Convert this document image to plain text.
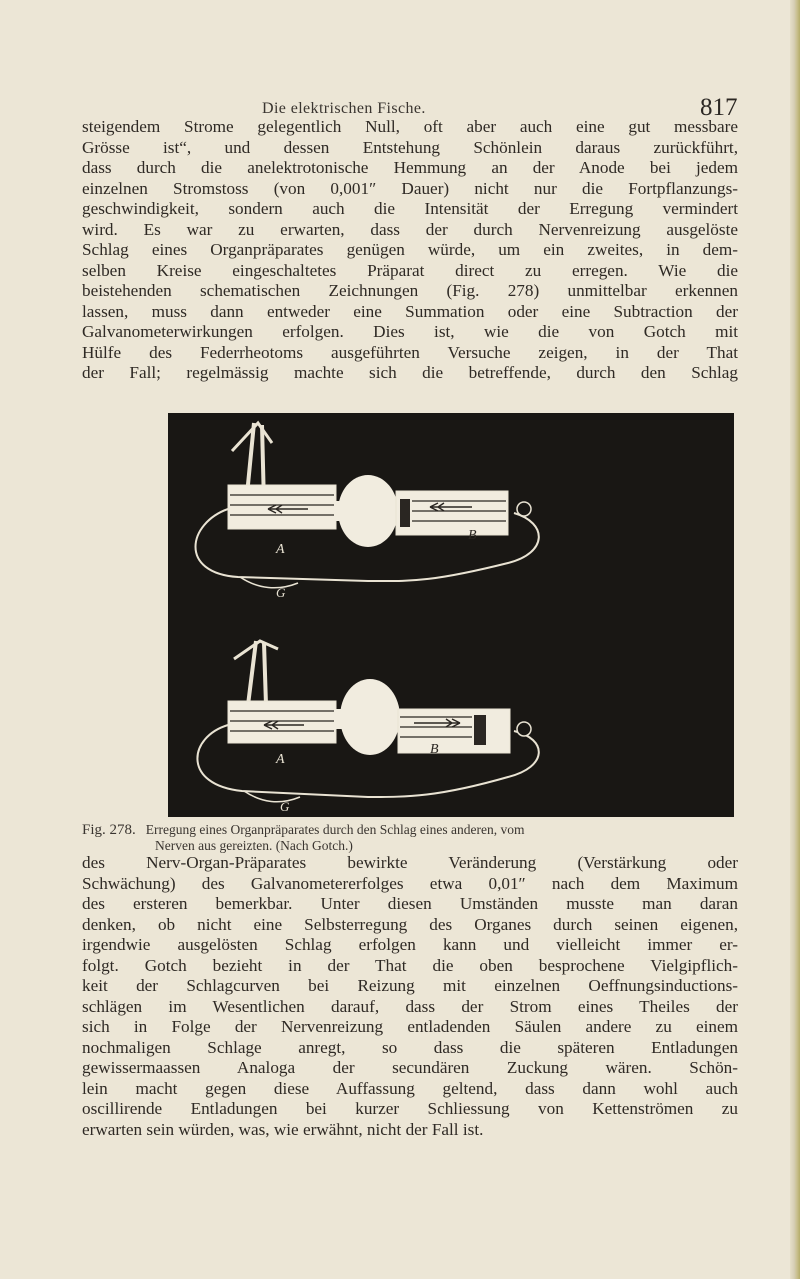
Die elektrischen Fische.	817

steigendem Strome gelegentlich Null, oft aber auch eine gut messbare
Grösse ist“, und dessen Entstehung Schönlein daraus zurückführt,
dass durch die anelektrotonische Hemmung an der Anode bei jedem
einzelnen Stromstoss (von 0,001″ Dauer) nicht nur die Fortpflanzungs-
geschwindigkeit, sondern auch die Intensität der Erregung vermindert
wird. Es war zu erwarten, dass der durch Nervenreizung ausgelöste
Schlag eines Organpräparates genügen würde, um ein zweites, in dem-
selben Kreise eingeschaltetes Präparat direct zu erregen. Wie die
beistehenden schematischen Zeichnungen (Fig. 278) unmittelbar erkennen
lassen, muss dann entweder eine Summation oder eine Subtraction der
Galvanometerwirkungen erfolgen. Dies ist, wie die von Gotch mit
Hülfe des Federrheotoms ausgeführten Versuche zeigen, in der That
der Fall; regelmässig machte sich die betreffende, durch den Schlag

A
B
G
A
B
G
Fig. 278. Erregung eines Organpräparates durch den Schlag eines anderen, vom
Nerven aus gereizten. (Nach Gotch.)

des Nerv-Organ-Präparates bewirkte Veränderung (Verstärkung oder
Schwächung) des Galvanometererfolges etwa 0,01″ nach dem Maximum
des ersteren bemerkbar. Unter diesen Umständen musste man daran
denken, ob nicht eine Selbsterregung des Organes durch seinen eigenen,
irgendwie ausgelösten Schlag erfolgen kann und vielleicht immer er-
folgt. Gotch bezieht in der That die oben besprochene Vielgipflich-
keit der Schlagcurven bei Reizung mit einzelnen Oeffnungsinductions-
schlägen im Wesentlichen darauf, dass der Strom eines Theiles der
sich in Folge der Nervenreizung entladenden Säulen andere zu einem
nochmaligen Schlage anregt, so dass die späteren Entladungen
gewissermaassen Analoga der secundären Zuckung wären. Schön-
lein macht gegen diese Auffassung geltend, dass dann wohl auch
oscillirende Entladungen bei kurzer Schliessung von Kettenströmen zu
erwarten sein würden, was, wie erwähnt, nicht der Fall ist.
